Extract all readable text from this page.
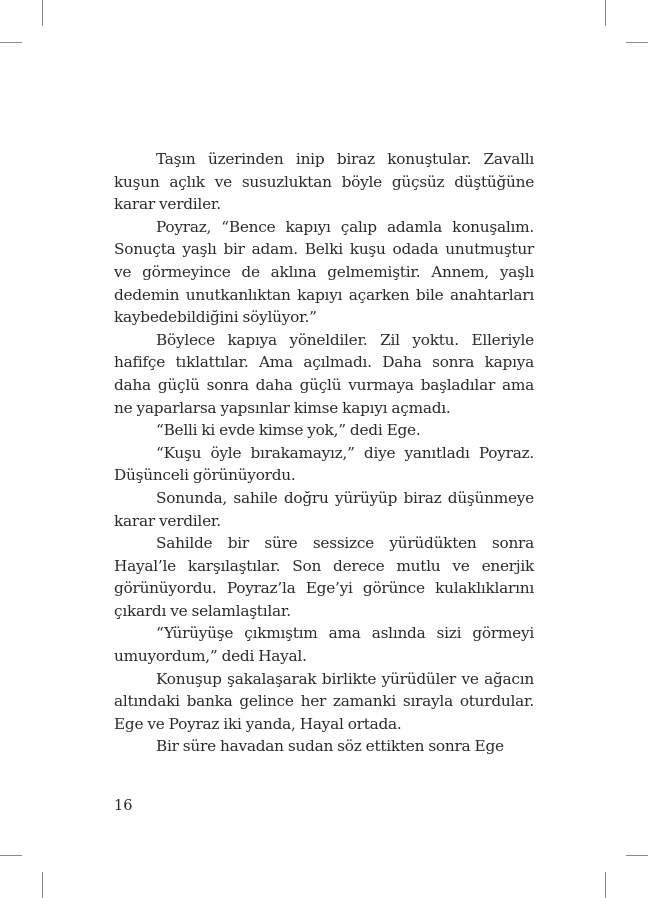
Taşın üzerinden inip biraz konuştular. Zavallı kuşun açlık ve susuzluktan böyle güçsüz düştüğüne karar verdiler.

Poyraz, “Bence kapıyı çalıp adamla konuşalım. Sonuçta yaşlı bir adam. Belki kuşu odada unutmuştur ve görmeyince de aklına gelmemiştir. Annem, yaşlı dedemin unutkanlıktan kapıyı açarken bile anahtarları kaybedebildiğini söylüyor.”

Böylece kapıya yöneldiler. Zil yoktu. Elleriyle hafifçe tıklattılar. Ama açılmadı. Daha sonra kapıya daha güçlü sonra daha güçlü vurmaya başladılar ama ne yaparlarsa yapsınlar kimse kapıyı açmadı.

“Belli ki evde kimse yok,” dedi Ege.

“Kuşu öyle bırakamayız,” diye yanıtladı Poyraz. Düşünceli görünüyordu.

Sonunda, sahile doğru yürüyüp biraz düşünmeye karar verdiler.

Sahilde bir süre sessizce yürüdükten sonra Hayal’le karşılaştılar. Son derece mutlu ve enerjik görünüyordu. Poyraz’la Ege’yi görünce kulaklıklarını çıkardı ve selamlaştılar.

“Yürüyüşe çıkmıştım ama aslında sizi görmeyi umuyordum,” dedi Hayal.

Konuşup şakalaşarak birlikte yürüdüler ve ağacın altındaki banka gelince her zamanki sırayla oturdular. Ege ve Poyraz iki yanda, Hayal ortada.

Bir süre havadan sudan söz ettikten sonra Ege

16
